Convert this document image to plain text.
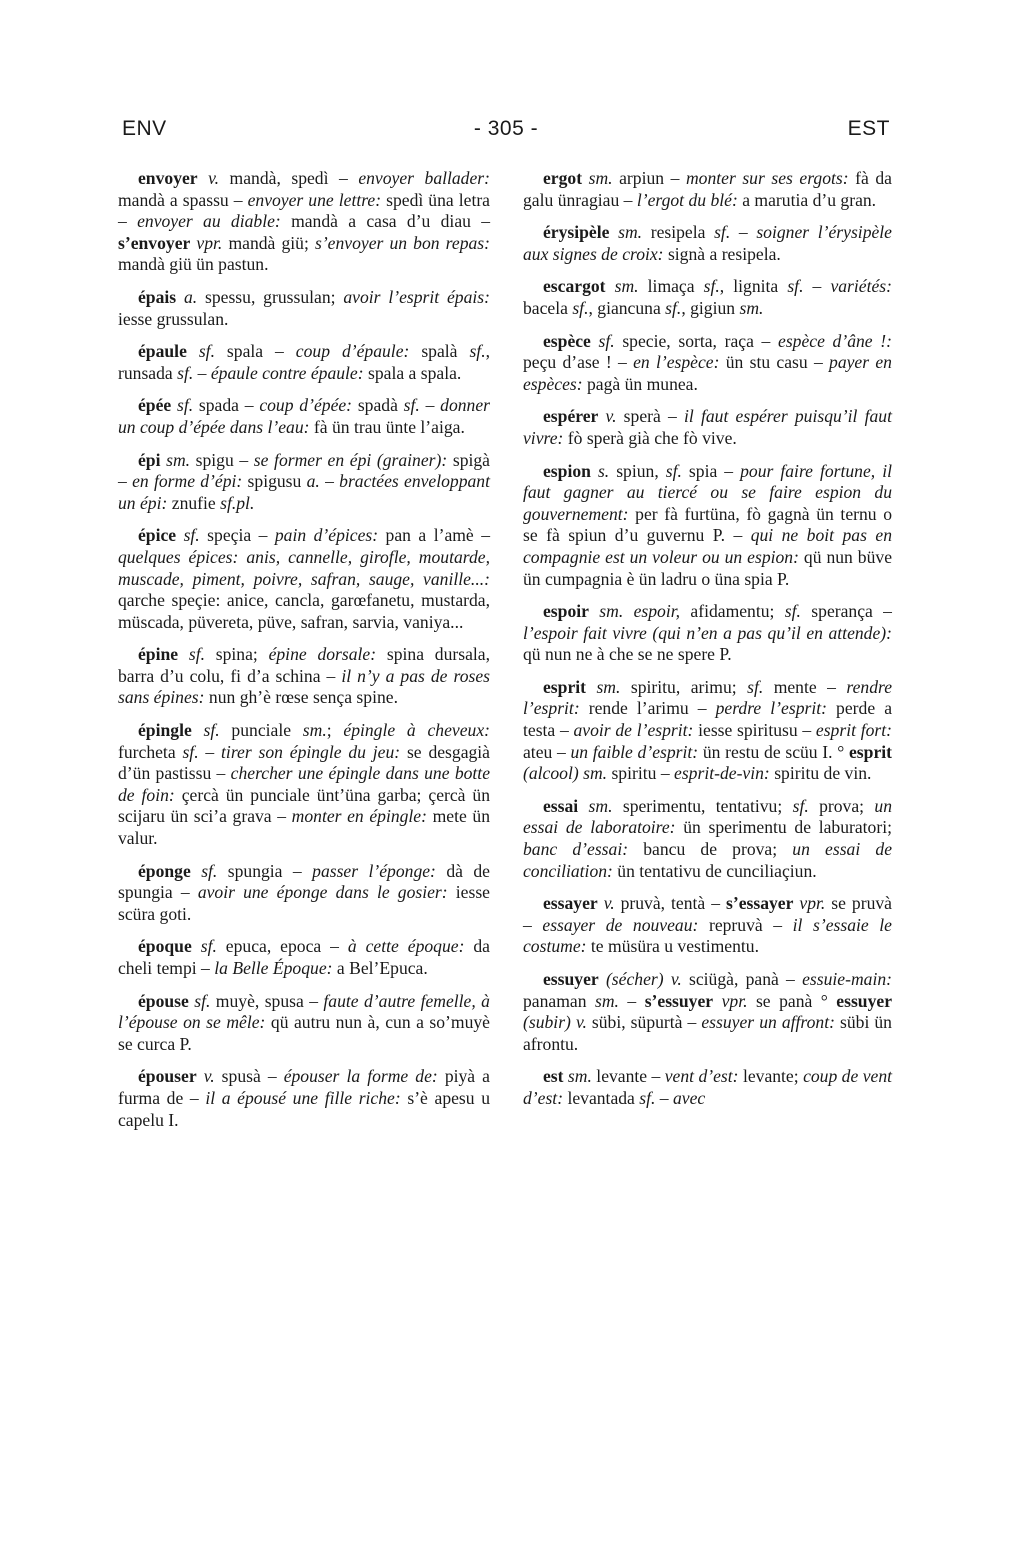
ENV	- 305 -	EST

envoyer v. mandà, spedì – envoyer ballader: mandà a spassu – envoyer une lettre: spedì üna letra – envoyer au diable: mandà a casa d’u diau – s’envoyer vpr. mandà giü; s’envoyer un bon repas: mandà giü ün pastun.

épais a. spessu, grussulan; avoir l’esprit épais: iesse grussulan.

épaule sf. spala – coup d’épaule: spalà sf., runsada sf. – épaule contre épaule: spala a spala.

épée sf. spada – coup d’épée: spadà sf. – donner un coup d’épée dans l’eau: fà ün trau ünte l’aiga.

épi sm. spigu – se former en épi (grainer): spigà – en forme d’épi: spigusu a. – bractées enveloppant un épi: znufie sf.pl.

épice sf. speçia – pain d’épices: pan a l’amè – quelques épices: anis, cannelle, girofle, moutarde, muscade, piment, poivre, safran, sauge, vanille...: qarche speçie: anice, cancla, garœfanetu, mustarda, müscada, püvereta, püve, safran, sarvia, vaniya...

épine sf. spina; épine dorsale: spina dursala, barra d’u colu, fi d’a schina – il n’y a pas de roses sans épines: nun gh’è rœse sença spine.

épingle sf. punciale sm.; épingle à cheveux: furcheta sf. – tirer son épingle du jeu: se desgagià d’ün pastissu – chercher une épingle dans une botte de foin: çercà ün punciale ünt’üna garba; çercà ün scijaru ün sci’a grava – monter en épingle: mete ün valur.

éponge sf. spungia – passer l’éponge: dà de spungia – avoir une éponge dans le gosier: iesse scüra goti.

époque sf. epuca, epoca – à cette époque: da cheli tempi – la Belle Époque: a Bel’Epuca.

épouse sf. muyè, spusa – faute d’autre femelle, à l’épouse on se mêle: qü autru nun à, cun a so’muyè se curca P.

épouser v. spusà – épouser la forme de: piyà a furma de – il a épousé une fille riche: s’è apesu u capelu I.

ergot sm. arpiun – monter sur ses ergots: fà da galu ünragiau – l’ergot du blé: a marutia d’u gran.

érysipèle sm. resipela sf. – soigner l’érysipèle aux signes de croix: signà a resipela.

escargot sm. limaça sf., lignita sf. – variétés: bacela sf., giancuna sf., gigiun sm.

espèce sf. specie, sorta, raça – espèce d’âne !: peçu d’ase ! – en l’espèce: ün stu casu – payer en espèces: pagà ün munea.

espérer v. sperà – il faut espérer puisqu’il faut vivre: fò sperà già che fò vive.

espion s. spiun, sf. spia – pour faire fortune, il faut gagner au tiercé ou se faire espion du gouvernement: per fà furtüna, fò gagnà ün ternu o se fà spiun d’u guvernu P. – qui ne boit pas en compagnie est un voleur ou un espion: qü nun büve ün cumpagnia è ün ladru o üna spia P.

espoir sm. espoir, afidamentu; sf. sperança – l’espoir fait vivre (qui n’en a pas qu’il en attende): qü nun ne à che se ne spere P.

esprit sm. spiritu, arimu; sf. mente – rendre l’esprit: rende l’arimu – perdre l’esprit: perde a testa – avoir de l’esprit: iesse spiritusu – esprit fort: ateu – un faible d’esprit: ün restu de scüu I. ° esprit (alcool) sm. spiritu – esprit-de-vin: spiritu de vin.

essai sm. sperimentu, tentativu; sf. prova; un essai de laboratoire: ün sperimentu de laburatori; banc d’essai: bancu de prova; un essai de conciliation: ün tentativu de cunciliaçiun.

essayer v. pruvà, tentà – s’essayer vpr. se pruvà – essayer de nouveau: repruvà – il s’essaie le costume: te müsüra u vestimentu.

essuyer (sécher) v. sciügà, panà – essuie-main: panaman sm. – s’essuyer vpr. se panà ° essuyer (subir) v. sübi, süpurtà – essuyer un affront: sübi ün afrontu.

est sm. levante – vent d’est: levante; coup de vent d’est: levantada sf. – avec
